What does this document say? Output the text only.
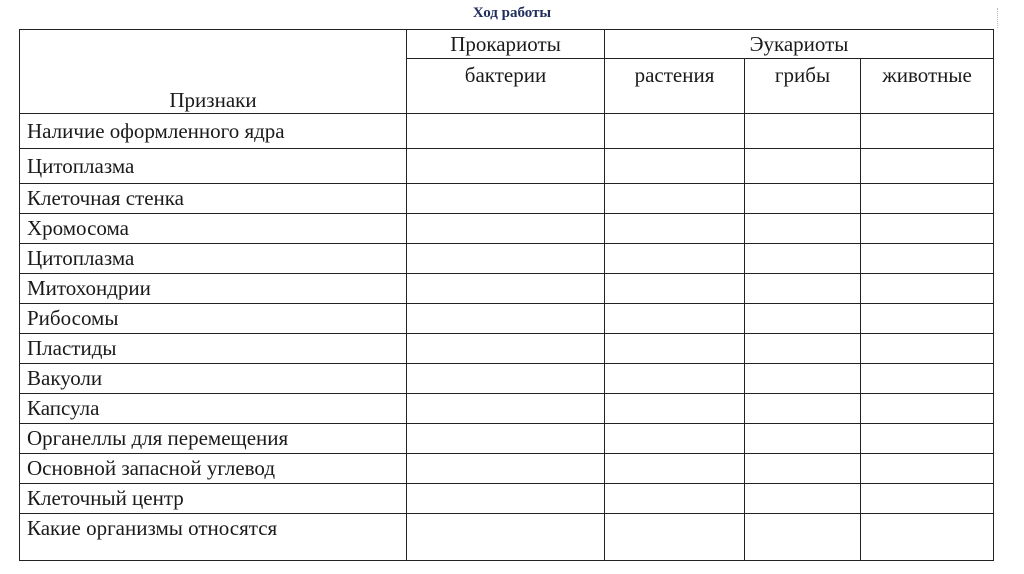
Ход работы
Признаки	Прокариоты	Эукариоты		
	бактерии	растения	грибы	животные
Наличие оформленного ядра				
Цитоплазма				
Клеточная стенка				
Хромосома				
Цитоплазма				
Митохондрии				
Рибосомы				
Пластиды				
Вакуоли				
Капсула				
Органеллы для перемещения				
Основной запасной углевод				
Клеточный центр				
Какие организмы относятся				
